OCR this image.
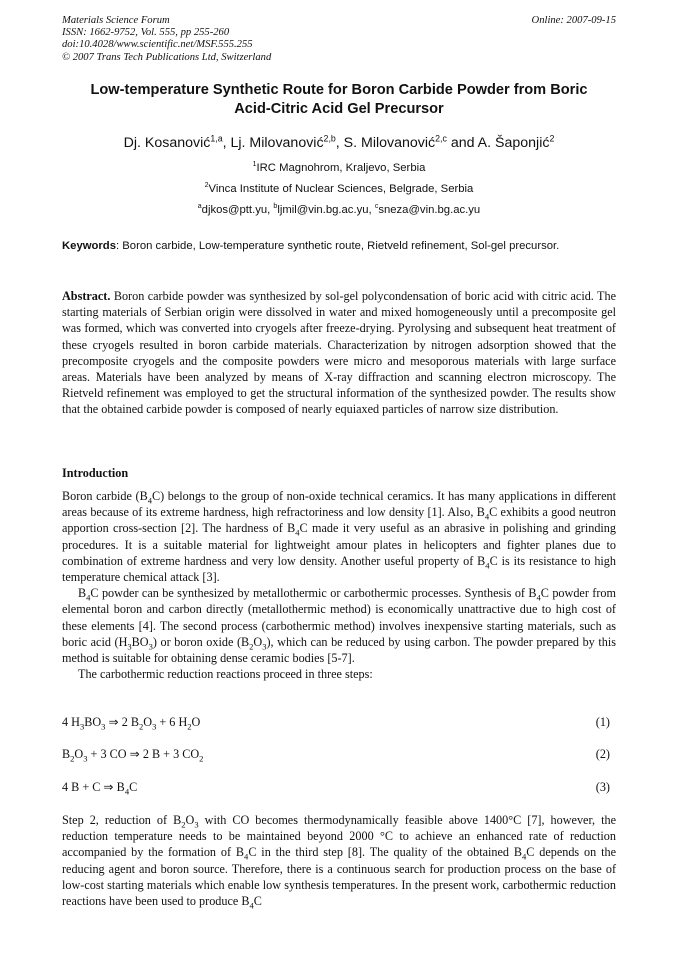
Materials Science Forum
ISSN: 1662-9752, Vol. 555, pp 255-260
doi:10.4028/www.scientific.net/MSF.555.255
© 2007 Trans Tech Publications Ltd, Switzerland
Online: 2007-09-15
Low-temperature Synthetic Route for Boron Carbide Powder from Boric
Acid-Citric Acid Gel Precursor
Dj. Kosanović$^{1,a}$, Lj. Milovanović$^{2,b}$, S. Milovanović$^{2,c}$ and A. Šaponjić$^2$
$^1$IRC Magnohrom, Kraljevo, Serbia
$^2$Vinca Institute of Nuclear Sciences, Belgrade, Serbia
$^a$djkos@ptt.yu, $^b$ljmil@vin.bg.ac.yu, $^c$sneza@vin.bg.ac.yu
Keywords: Boron carbide, Low-temperature synthetic route, Rietveld refinement, Sol-gel precursor.
Abstract. Boron carbide powder was synthesized by sol-gel polycondensation of boric acid with citric acid. The starting materials of Serbian origin were dissolved in water and mixed homogeneously until a precomposite gel was formed, which was converted into cryogels after freeze-drying. Pyrolysing and subsequent heat treatment of these cryogels resulted in boron carbide materials. Characterization by nitrogen adsorption showed that the precomposite cryogels and the composite powders were micro and mesoporous materials with large surface areas. Materials have been analyzed by means of X-ray diffraction and scanning electron microscopy. The Rietveld refinement was employed to get the structural information of the synthesized powder. The results show that the obtained carbide powder is composed of nearly equiaxed particles of narrow size distribution.
Introduction

Boron carbide $(B_4C)$ belongs to the group of non-oxide technical ceramics. It has many applications in different areas because of its extreme hardness, high refractoriness and low density [1]. Also, $B_4C$ exhibits a good neutron apportion cross-section [2]. The hardness of $B_4C$ made it very useful as an abrasive in polishing and grinding procedures. It is a suitable material for lightweight amour plates in helicopters and fighter planes due to combination of extreme hardness and very low density. Another useful property of $B_4C$ is its resistance to high temperature chemical attack [3].

$B_4C$ powder can be synthesized by metallothermic or carbothermic processes. Synthesis of $B_4C$ powder from elemental boron and carbon directly (metallothermic method) is economically unattractive due to high cost of these elements [4]. The second process (carbothermic method) involves inexpensive starting materials, such as boric acid $(H_3BO_3)$ or boron oxide $(B_2O_3)$, which can be reduced by using carbon. The powder prepared by this method is suitable for obtaining dense ceramic bodies [5-7].

The carbothermic reduction reactions proceed in three steps:

4 $H_3BO_3$ ⇒ 2 $B_2O_3 + 6$ $H_2O$	(1)
$B_2O_3 + 3$ CO ⇒ 2 B + 3 $CO_2$	(2)
4 B + C ⇒ $B_4C$	(3)
Step 2, reduction of $B_2O_3$ with CO becomes thermodynamically feasible above 1400°C [7], however, the reduction temperature needs to be maintained beyond 2000 °C to achieve an enhanced rate of reduction accompanied by the formation of $B_4C$ in the third step [8]. The quality of the obtained $B_4C$ depends on the reducing agent and boron source. Therefore, there is a continuous search for production process on the base of low-cost starting materials which enable low synthesis temperatures. In the present work, carbothermic reduction reactions have been used to produce $B_4C$
